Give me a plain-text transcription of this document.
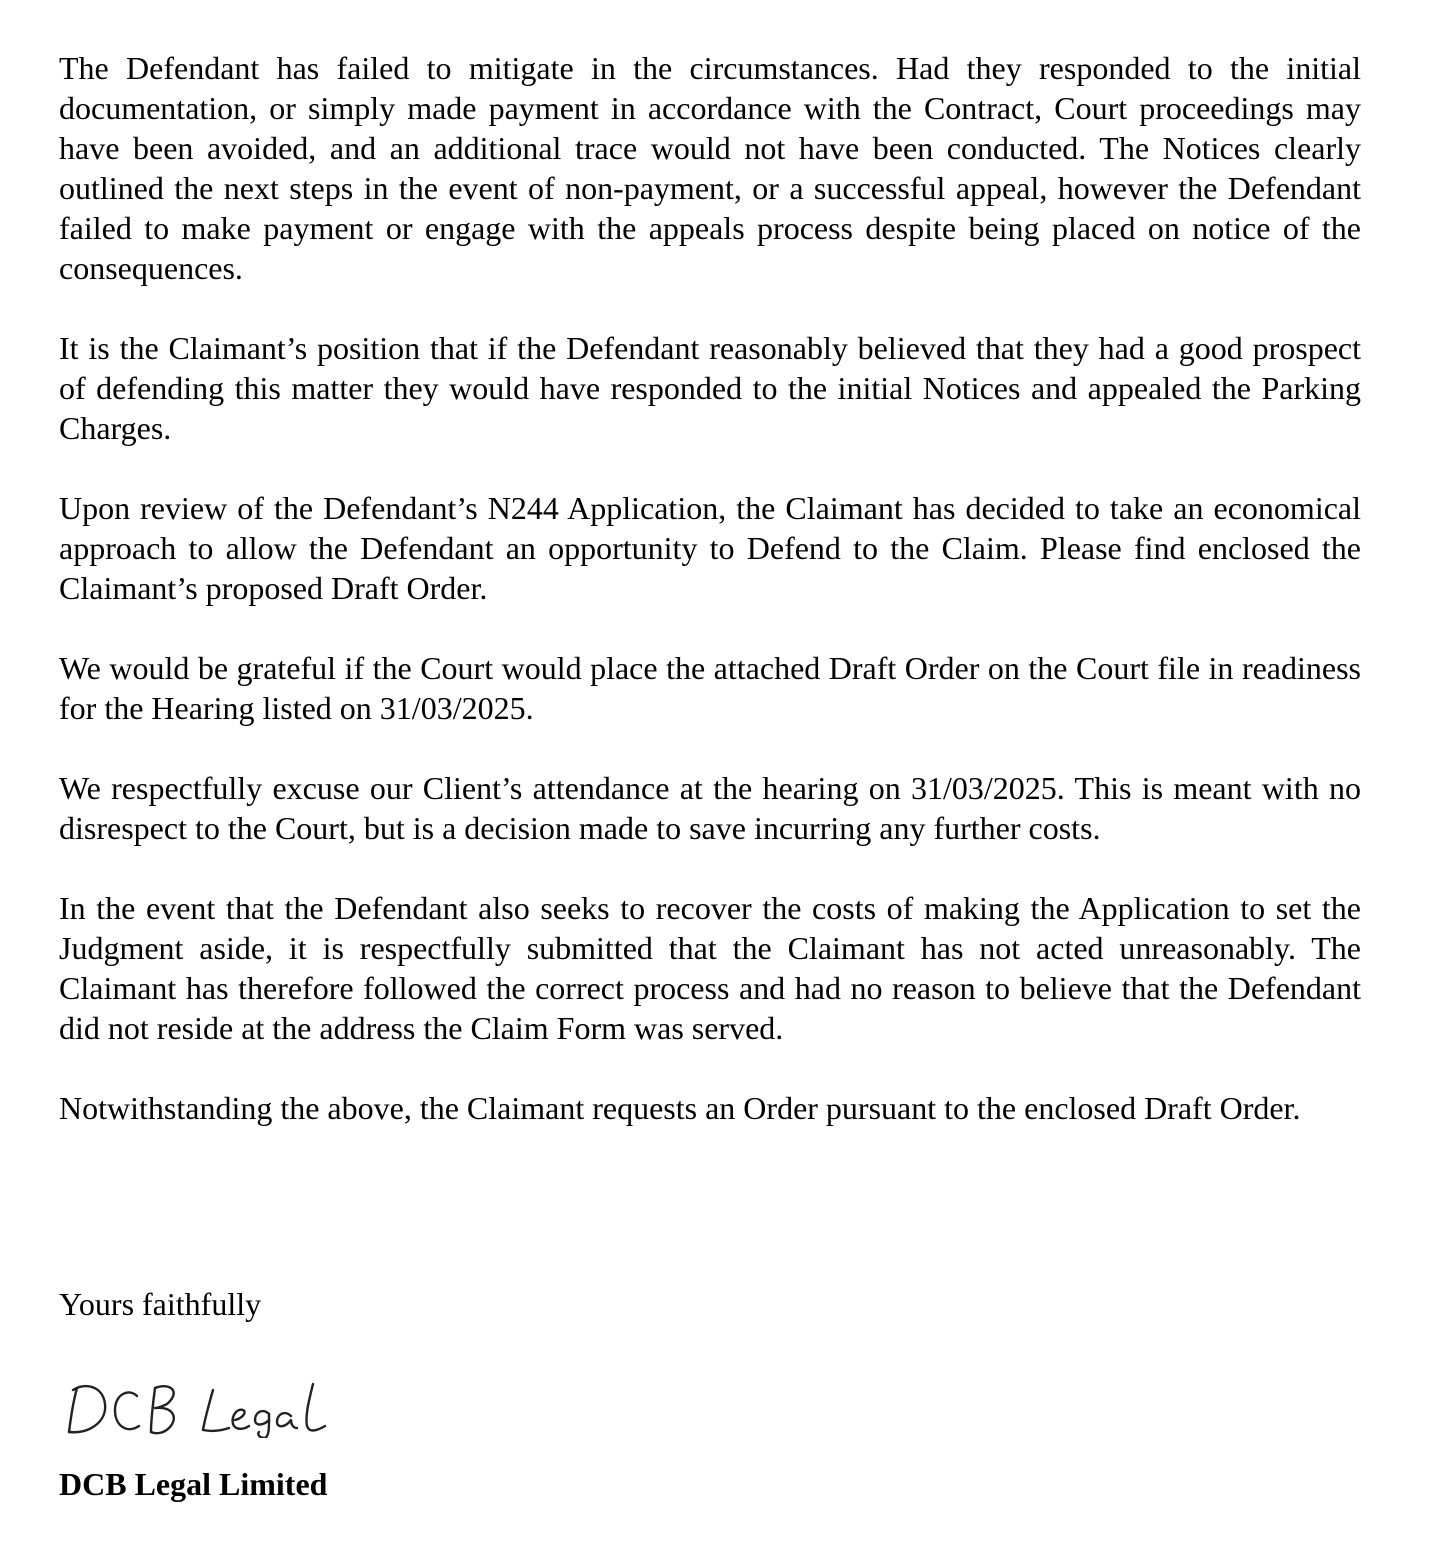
The Defendant has failed to mitigate in the circumstances. Had they responded to the initial documentation, or simply made payment in accordance with the Contract, Court proceedings may have been avoided, and an additional trace would not have been conducted. The Notices clearly outlined the next steps in the event of non-payment, or a successful appeal, however the Defendant failed to make payment or engage with the appeals process despite being placed on notice of the consequences.

It is the Claimant’s position that if the Defendant reasonably believed that they had a good prospect of defending this matter they would have responded to the initial Notices and appealed the Parking Charges.

Upon review of the Defendant’s N244 Application, the Claimant has decided to take an economical approach to allow the Defendant an opportunity to Defend to the Claim. Please find enclosed the Claimant’s proposed Draft Order.

We would be grateful if the Court would place the attached Draft Order on the Court file in readiness for the Hearing listed on 31/03/2025.

We respectfully excuse our Client’s attendance at the hearing on 31/03/2025. This is meant with no disrespect to the Court, but is a decision made to save incurring any further costs.

In the event that the Defendant also seeks to recover the costs of making the Application to set the Judgment aside, it is respectfully submitted that the Claimant has not acted unreasonably. The Claimant has therefore followed the correct process and had no reason to believe that the Defendant did not reside at the address the Claim Form was served.

Notwithstanding the above, the Claimant requests an Order pursuant to the enclosed Draft Order.

Yours faithfully

DCB Legal Limited
